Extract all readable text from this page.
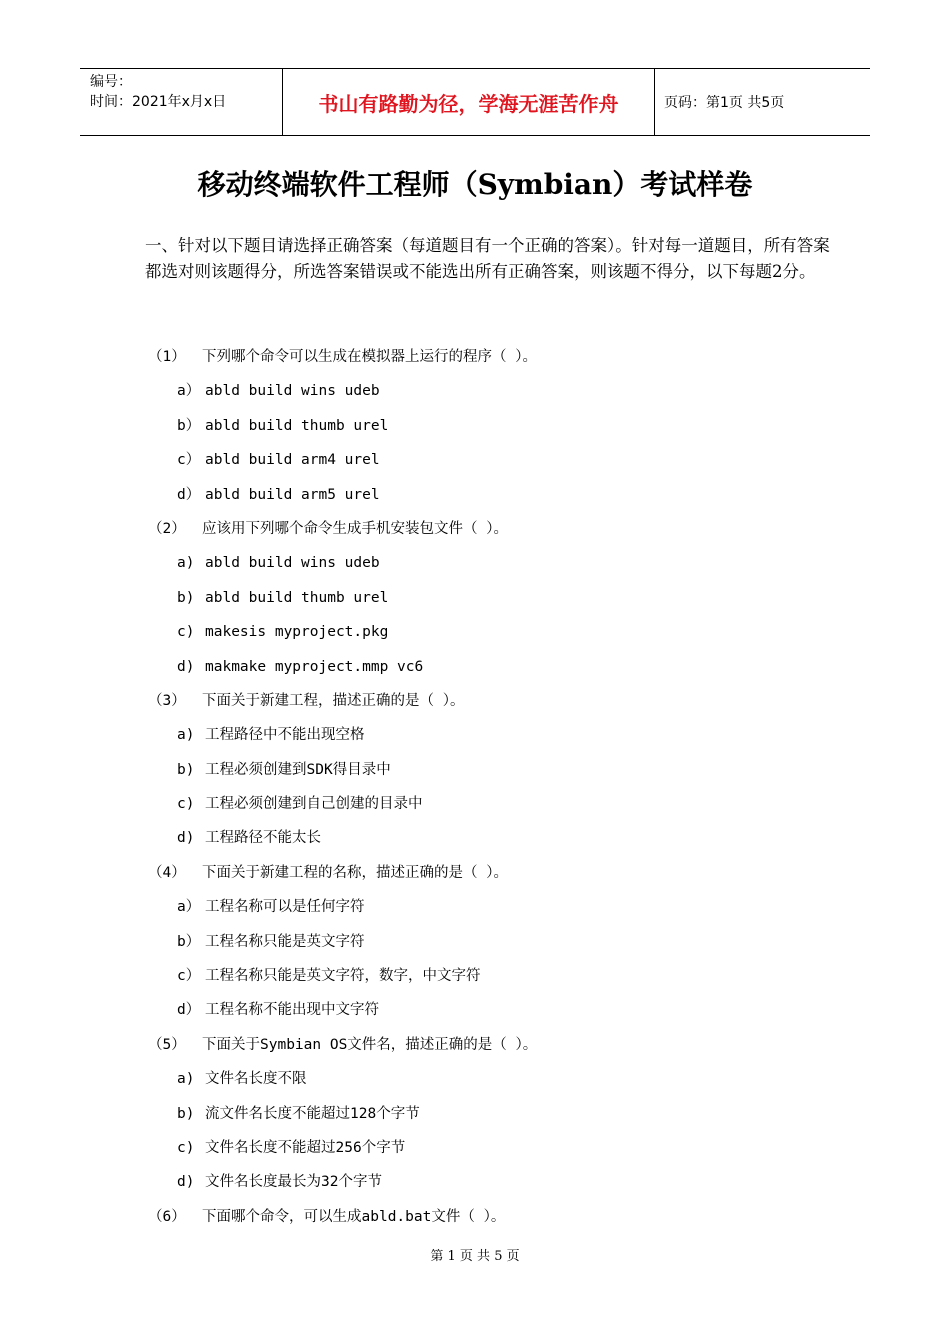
编号：
时间：2021年x月x日	书山有路勤为径，学海无涯苦作舟	页码：第1页 共5页
移动终端软件工程师（Symbian）考试样卷
一、针对以下题目请选择正确答案（每道题目有一个正确的答案）。针对每一道题目，所有答案都选对则该题得分，所选答案错误或不能选出所有正确答案，则该题不得分，以下每题2分。
（1） 下列哪个命令可以生成在模拟器上运行的程序（ ）。
a） abld build wins udeb
b） abld build thumb urel
c） abld build arm4 urel
d） abld build arm5 urel
（2） 应该用下列哪个命令生成手机安装包文件（ ）。
a) abld build wins udeb
b) abld build thumb urel
c) makesis myproject.pkg
d) makmake myproject.mmp vc6
（3） 下面关于新建工程，描述正确的是（ ）。
a) 工程路径中不能出现空格
b) 工程必须创建到SDK得目录中
c) 工程必须创建到自己创建的目录中
d) 工程路径不能太长
（4） 下面关于新建工程的名称，描述正确的是（ ）。
a） 工程名称可以是任何字符
b） 工程名称只能是英文字符
c） 工程名称只能是英文字符，数字，中文字符
d） 工程名称不能出现中文字符
（5） 下面关于Symbian OS文件名，描述正确的是（ ）。
a) 文件名长度不限
b) 流文件名长度不能超过128个字节
c) 文件名长度不能超过256个字节
d) 文件名长度最长为32个字节
（6） 下面哪个命令，可以生成abld.bat文件（ ）。
第 1 页 共 5 页
